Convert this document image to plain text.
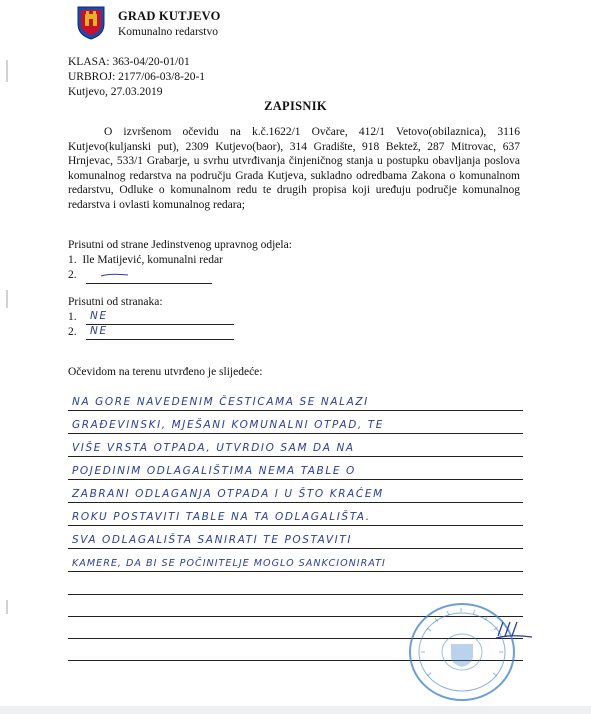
GRAD KUTJEVO
Komunalno redarstvo
KLASA: 363-04/20-01/01
URBROJ: 2177/06-03/8-20-1
Kutjevo, 27.03.2019
ZAPISNIK
O izvršenom očevidu na k.č.1622/1 Ovčare, 412/1 Vetovo(obilaznica), 3116 Kutjevo(kuljanski put), 2309 Kutjevo(baor), 314 Gradište, 918 Bektež, 287 Mitrovac, 637 Hrnjevac, 533/1 Grabarje, u svrhu utvrđivanja činjeničnog stanja u postupku obavljanja poslova komunalnog redarstva na području Grada Kutjeva, sukladno odredbama Zakona o komunalnom redarstvu, Odluke o komunalnom redu te drugih propisa koji uređuju područje komunalnog redarstva i ovlasti komunalnog redara;
Prisutni od strane Jedinstvenog upravnog odjela:
1. Ile Matijević, komunalni redar
2.
Prisutni od stranaka:
1. NE
2. NE
Očevidom na terenu utvrđeno je slijedeće:
NA GORE NAVEDENIM ČESTICAMA SE NALAZI
GRAĐEVINSKI, MJEŠANI KOMUNALNI OTPAD, TE
VIŠE VRSTA OTPADA, UTVRDIO SAM DA NA
POJEDINIM ODLAGALIŠTIMA NEMA TABLE O
ZABRANI ODLAGANJA OTPADA I U ŠTO KRAĆEM
ROKU POSTAVITI TABLE NA TA ODLAGALIŠTA.
SVA ODLAGALIŠTA SANIRATI TE POSTAVITI
KAMERE, DA BI SE POČINITELJE MOGLO SANKCIONIRATI
